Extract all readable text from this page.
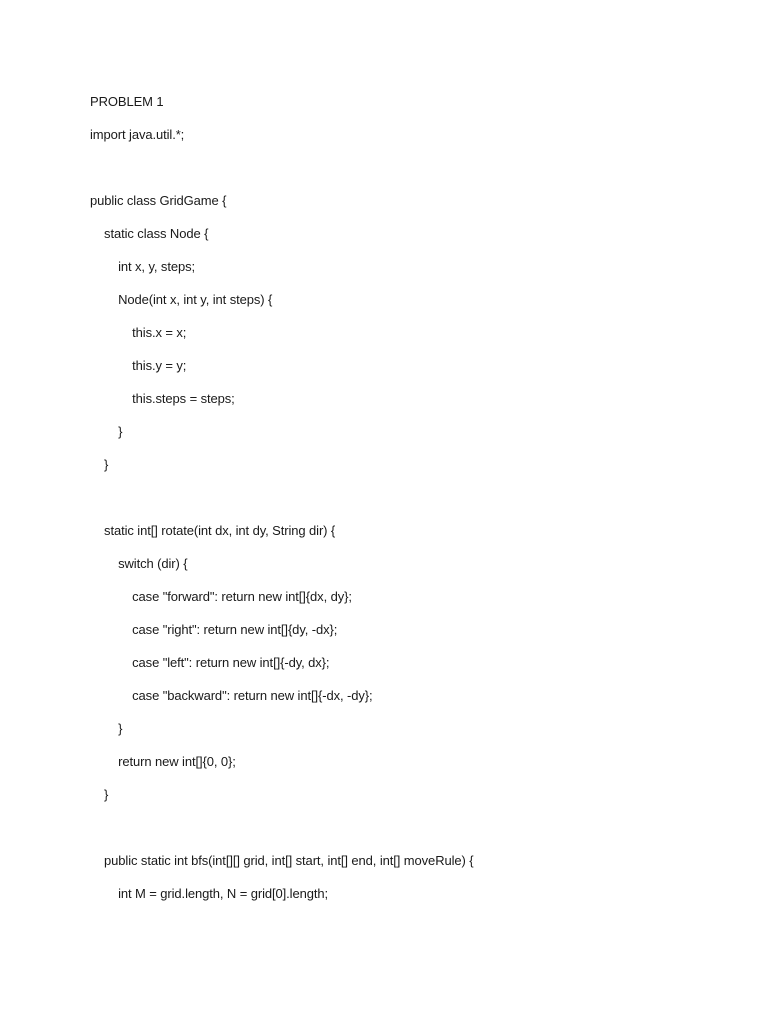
PROBLEM 1
import java.util.*;
public class GridGame {
static class Node {
int x, y, steps;
Node(int x, int y, int steps) {
this.x = x;
this.y = y;
this.steps = steps;
}
}
static int[] rotate(int dx, int dy, String dir) {
switch (dir) {
case "forward": return new int[]{dx, dy};
case "right": return new int[]{dy, -dx};
case "left": return new int[]{-dy, dx};
case "backward": return new int[]{-dx, -dy};
}
return new int[]{0, 0};
}
public static int bfs(int[][] grid, int[] start, int[] end, int[] moveRule) {
int M = grid.length, N = grid[0].length;
